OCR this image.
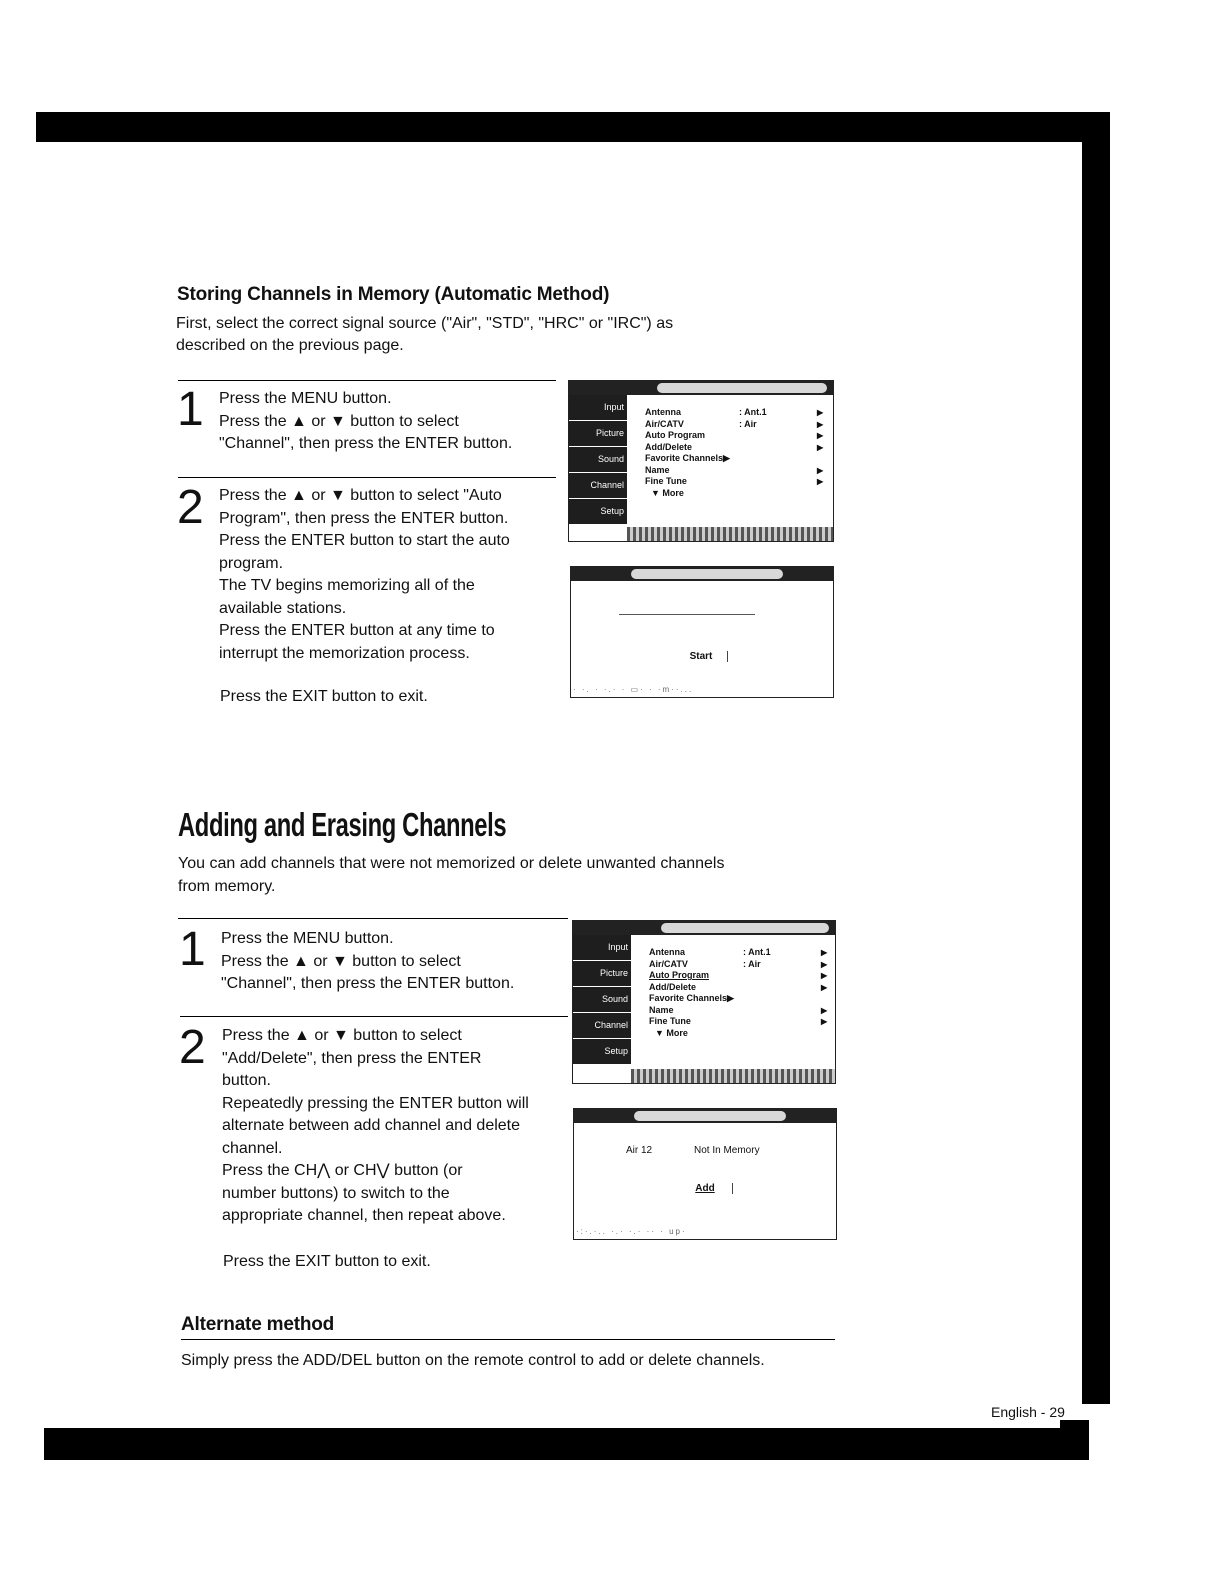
Storing Channels in Memory (Automatic Method)
First, select the correct signal source ("Air", "STD", "HRC" or "IRC") as
described on the previous page.
1 Press the MENU button.
Press the ▲ or ▼ button to select
"Channel", then press the ENTER button.
2 Press the ▲ or ▼ button to select "Auto
Program", then press the ENTER button.
Press the ENTER button to start the auto
program.
The TV begins memorizing all of the
available stations.
Press the ENTER button at any time to
interrupt the memorization process.
Press the EXIT button to exit.
Input
Picture
Sound
Channel
Setup
Antenna	: Ant.1	▶
Air/CATV	: Air	▶
Auto Program	▶
Add/Delete	▶
Favorite Channels▶
Name	▶
Fine Tune	▶
▼ More
Start
· ·. · ·.· · ▭· · ·m··...
Adding and Erasing Channels
You can add channels that were not memorized or delete unwanted channels
from memory.
1 Press the MENU button.
Press the ▲ or ▼ button to select
"Channel", then press the ENTER button.
2 Press the ▲ or ▼ button to select
"Add/Delete", then press the ENTER
button.
Repeatedly pressing the ENTER button will
alternate between add channel and delete
channel.
Press the CH⋀ or CH⋁ button (or
number buttons) to switch to the
appropriate channel, then repeat above.
Press the EXIT button to exit.
Input
Picture
Sound
Channel
Setup
Antenna	: Ant.1	▶
Air/CATV	: Air	▶
Auto Program	▶
Add/Delete	▶
Favorite Channels▶
Name	▶
Fine Tune	▶
▼ More
Air 12	Not In Memory
Add
·:·.·.. ·.· ·.· ·· · up·
Alternate method
Simply press the ADD/DEL button on the remote control to add or delete channels.
English - 29
